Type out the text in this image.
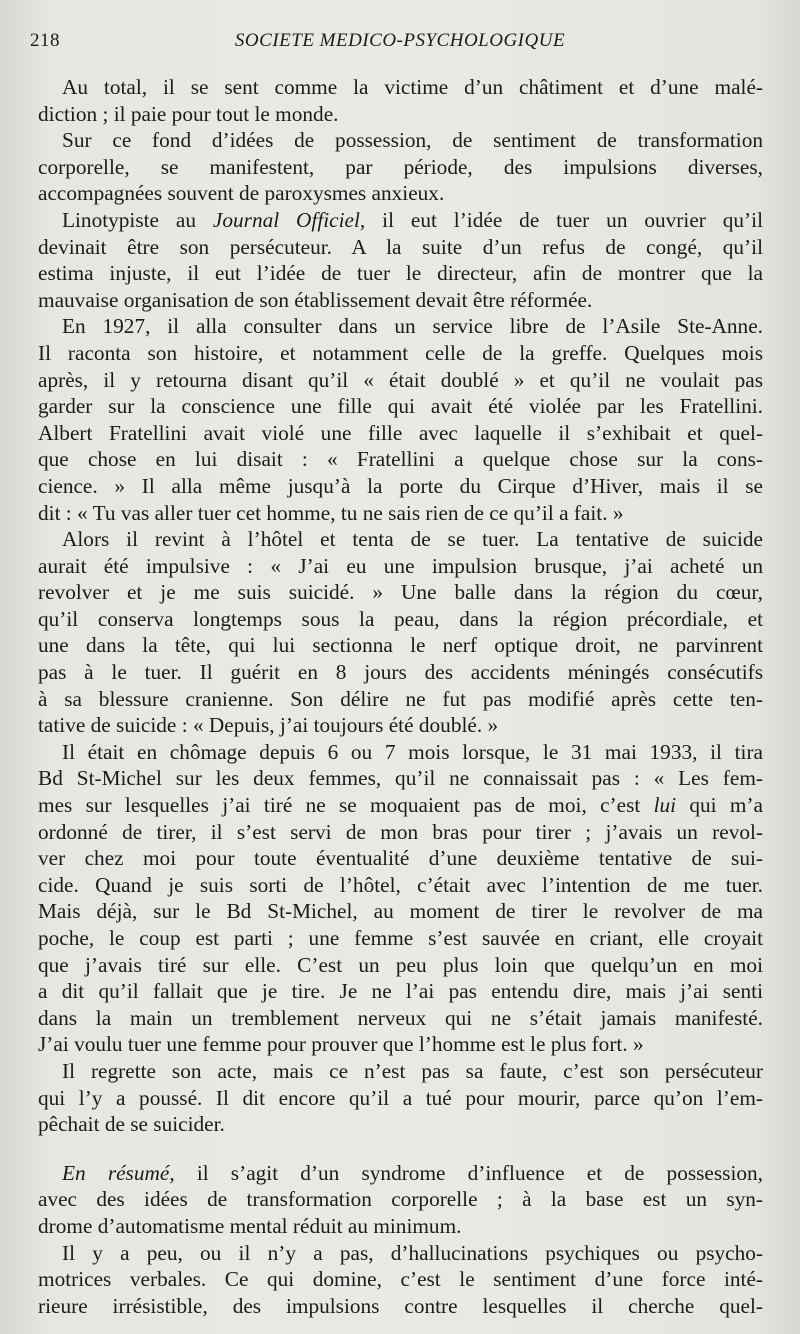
218	SOCIETE MEDICO-PSYCHOLOGIQUE
Au total, il se sent comme la victime d’un châtiment et d’une malé-
diction ; il paie pour tout le monde.
Sur ce fond d’idées de possession, de sentiment de transformation
corporelle, se manifestent, par période, des impulsions diverses,
accompagnées souvent de paroxysmes anxieux.
Linotypiste au Journal Officiel, il eut l’idée de tuer un ouvrier qu’il
devinait être son persécuteur. A la suite d’un refus de congé, qu’il
estima injuste, il eut l’idée de tuer le directeur, afin de montrer que la
mauvaise organisation de son établissement devait être réformée.
En 1927, il alla consulter dans un service libre de l’Asile Ste-Anne.
Il raconta son histoire, et notamment celle de la greffe. Quelques mois
après, il y retourna disant qu’il « était doublé » et qu’il ne voulait pas
garder sur la conscience une fille qui avait été violée par les Fratellini.
Albert Fratellini avait violé une fille avec laquelle il s’exhibait et quel-
que chose en lui disait : « Fratellini a quelque chose sur la cons-
cience. » Il alla même jusqu’à la porte du Cirque d’Hiver, mais il se
dit : « Tu vas aller tuer cet homme, tu ne sais rien de ce qu’il a fait. »
Alors il revint à l’hôtel et tenta de se tuer. La tentative de suicide
aurait été impulsive : « J’ai eu une impulsion brusque, j’ai acheté un
revolver et je me suis suicidé. » Une balle dans la région du cœur,
qu’il conserva longtemps sous la peau, dans la région précordiale, et
une dans la tête, qui lui sectionna le nerf optique droit, ne parvinrent
pas à le tuer. Il guérit en 8 jours des accidents méningés consécutifs
à sa blessure cranienne. Son délire ne fut pas modifié après cette ten-
tative de suicide : « Depuis, j’ai toujours été doublé. »
Il était en chômage depuis 6 ou 7 mois lorsque, le 31 mai 1933, il tira
Bd St-Michel sur les deux femmes, qu’il ne connaissait pas : « Les fem-
mes sur lesquelles j’ai tiré ne se moquaient pas de moi, c’est lui qui m’a
ordonné de tirer, il s’est servi de mon bras pour tirer ; j’avais un revol-
ver chez moi pour toute éventualité d’une deuxième tentative de sui-
cide. Quand je suis sorti de l’hôtel, c’était avec l’intention de me tuer.
Mais déjà, sur le Bd St-Michel, au moment de tirer le revolver de ma
poche, le coup est parti ; une femme s’est sauvée en criant, elle croyait
que j’avais tiré sur elle. C’est un peu plus loin que quelqu’un en moi
a dit qu’il fallait que je tire. Je ne l’ai pas entendu dire, mais j’ai senti
dans la main un tremblement nerveux qui ne s’était jamais manifesté.
J’ai voulu tuer une femme pour prouver que l’homme est le plus fort. »
Il regrette son acte, mais ce n’est pas sa faute, c’est son persécuteur
qui l’y a poussé. Il dit encore qu’il a tué pour mourir, parce qu’on l’em-
pêchait de se suicider.
En résumé, il s’agit d’un syndrome d’influence et de possession,
avec des idées de transformation corporelle ; à la base est un syn-
drome d’automatisme mental réduit au minimum.
Il y a peu, ou il n’y a pas, d’hallucinations psychiques ou psycho-
motrices verbales. Ce qui domine, c’est le sentiment d’une force inté-
rieure irrésistible, des impulsions contre lesquelles il cherche quel-
